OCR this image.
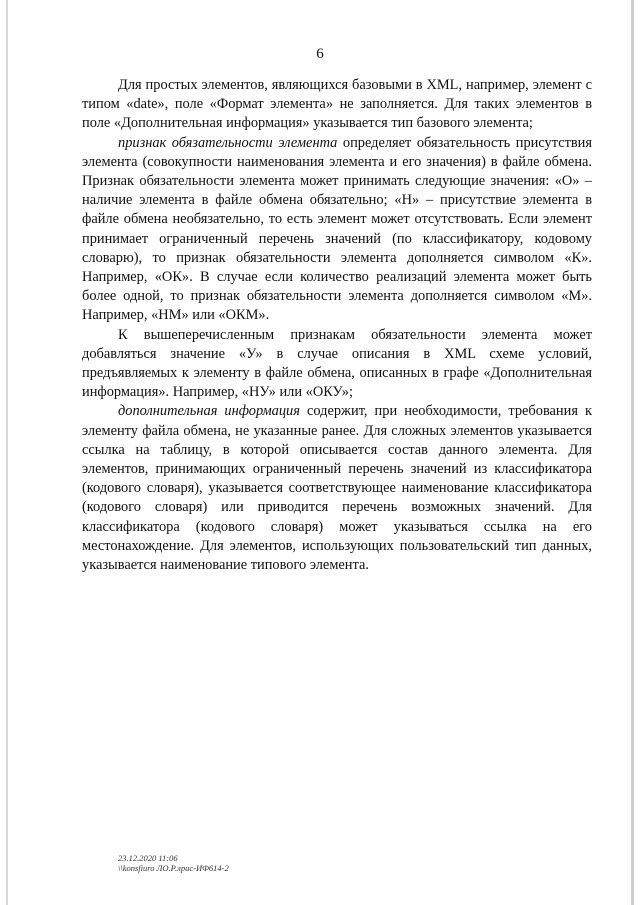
6

Для простых элементов, являющихся базовыми в XML, например, элемент с типом «date», поле «Формат элемента» не заполняется. Для таких элементов в поле «Дополнительная информация» указывается тип базового элемента;

признак обязательности элемента определяет обязательность присутствия элемента (совокупности наименования элемента и его значения) в файле обмена. Признак обязательности элемента может принимать следующие значения: «О» – наличие элемента в файле обмена обязательно; «Н» – присутствие элемента в файле обмена необязательно, то есть элемент может отсутствовать. Если элемент принимает ограниченный перечень значений (по классификатору, кодовому словарю), то признак обязательности элемента дополняется символом «К». Например, «ОК». В случае если количество реализаций элемента может быть более одной, то признак обязательности элемента дополняется символом «М». Например, «НМ» или «ОКМ».

К вышеперечисленным признакам обязательности элемента может добавляться значение «У» в случае описания в XML схеме условий, предъявляемых к элементу в файле обмена, описанных в графе «Дополнительная информация». Например, «НУ» или «ОКУ»;

дополнительная информация содержит, при необходимости, требования к элементу файла обмена, не указанные ранее. Для сложных элементов указывается ссылка на таблицу, в которой описывается состав данного элемента. Для элементов, принимающих ограниченный перечень значений из классификатора (кодового словаря), указывается соответствующее наименование классификатора (кодового словаря) или приводится перечень возможных значений. Для классификатора (кодового словаря) может указываться ссылка на его местонахождение. Для элементов, использующих пользовательский тип данных, указывается наименование типового элемента.

23.12.2020 11:06
\\konsfiuro ЛО.Р.лрис-ИФ614-2
